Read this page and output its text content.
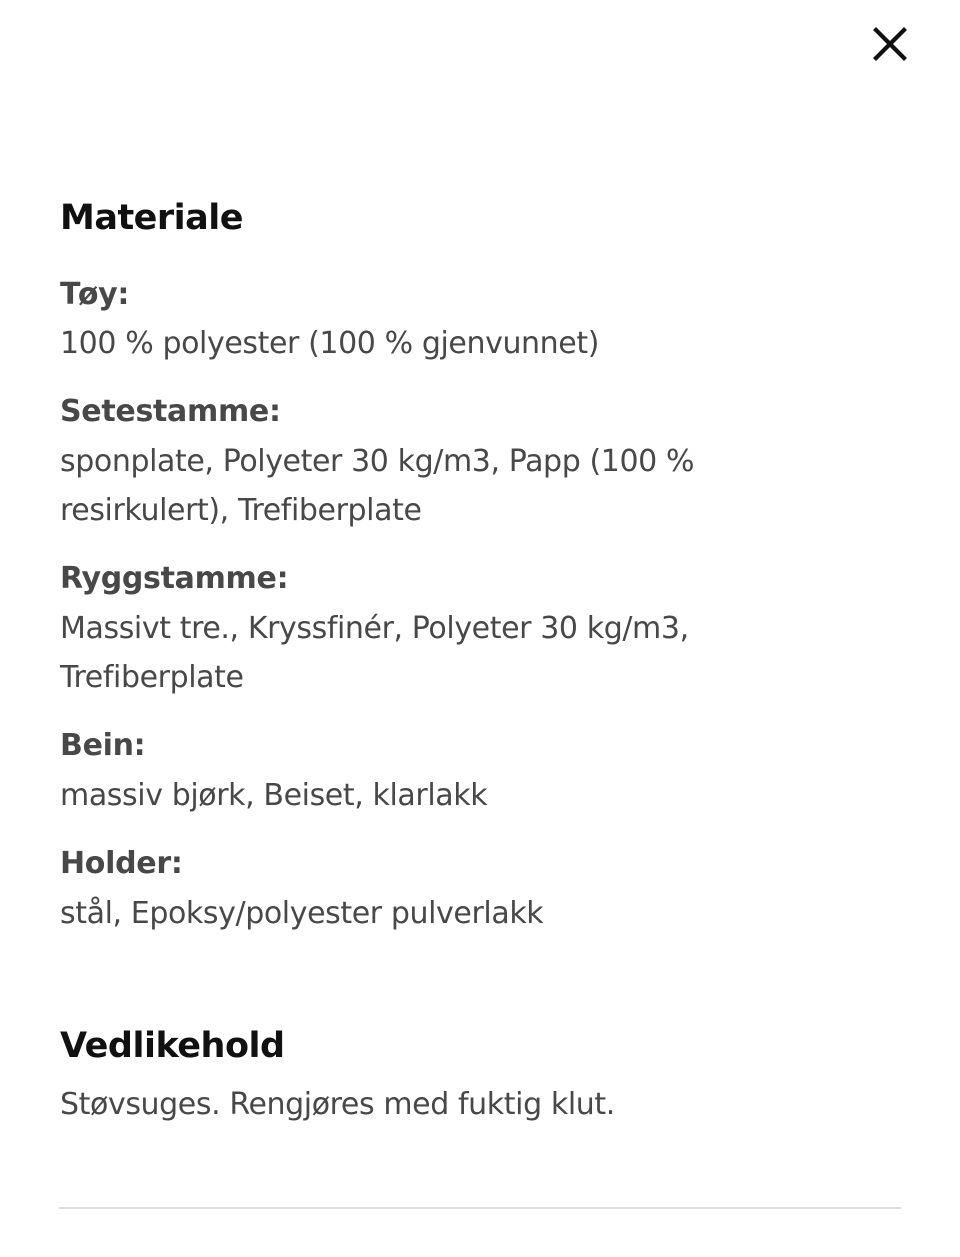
Materiale
Tøy:
100 % polyester (100 % gjenvunnet)
Setestamme:
sponplate, Polyeter 30 kg/m3, Papp (100 %
resirkulert), Trefiberplate
Ryggstamme:
Massivt tre., Kryssfinér, Polyeter 30 kg/m3,
Trefiberplate
Bein:
massiv bjørk, Beiset, klarlakk
Holder:
stål, Epoksy/polyester pulverlakk
Vedlikehold
Støvsuges. Rengjøres med fuktig klut.
